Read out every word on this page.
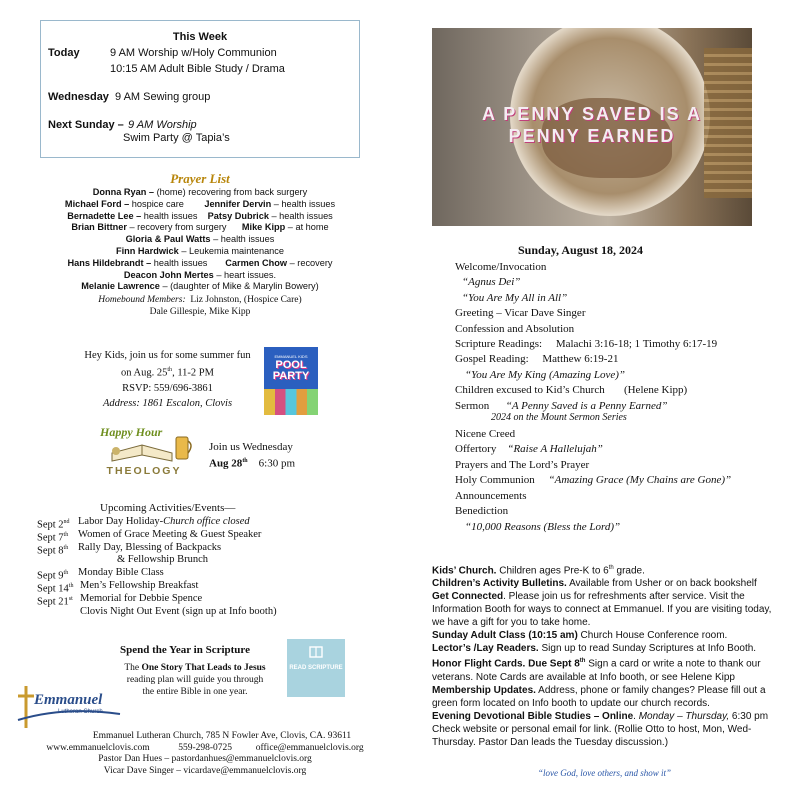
This Week
Today	9 AM Worship w/Holy Communion
10:15 AM Adult Bible Study / Drama
Wednesday 9 AM Sewing group
Next Sunday – 9 AM Worship
Swim Party @ Tapia’s
Prayer List
Donna Ryan – (home) recovering from back surgery
Michael Ford – hospice care Jennifer Dervin – health issues
Bernadette Lee – health issues Patsy Dubrick – health issues
Brian Bittner – recovery from surgery Mike Kipp – at home
Gloria & Paul Watts – health issues
Finn Hardwick – Leukemia maintenance
Hans Hildebrandt – health issues Carmen Chow – recovery
Deacon John Mertes – heart issues.
Melanie Lawrence – (daughter of Mike & Marylin Bowery)
Homebound Members: Liz Johnston, (Hospice Care)
Dale Gillespie, Mike Kipp
Hey Kids, join us for some summer fun
on Aug. 25th, 11-2 PM
RSVP: 559/696-3861
Address: 1861 Escalon, Clovis
EMMANUEL KIDS
POOL PARTY
Happy Hour
THEOLOGY
Join us Wednesday
Aug 28th 6:30 pm
Upcoming Activities/Events—
Sept 2nd Labor Day Holiday-Church office closed
Sept 7th Women of Grace Meeting & Guest Speaker
Sept 8th Rally Day, Blessing of Backpacks
& Fellowship Brunch
Sept 9th Monday Bible Class
Sept 14th Men’s Fellowship Breakfast
Sept 21st Memorial for Debbie Spence
Clovis Night Out Event (sign up at Info booth)
Spend the Year in Scripture
The One Story That Leads to Jesus
reading plan will guide you through
the entire Bible in one year.
READ SCRIPTURE
Emmanuel
Lutheran Church
Emmanuel Lutheran Church, 785 N Fowler Ave, Clovis, CA. 93611
www.emmanuelclovis.com	559-298-0725	office@emmanuelclovis.org
Pastor Dan Hues – pastordanhues@emmanuelclovis.org
Vicar Dave Singer – vicardave@emmanuelclovis.org
A PENNY SAVED IS A
PENNY EARNED
Sunday, August 18, 2024
Welcome/Invocation
“Agnus Dei”
“You Are My All in All”
Greeting – Vicar Dave Singer
Confession and Absolution
Scripture Readings: Malachi 3:16-18; 1 Timothy 6:17-19
Gospel Reading: Matthew 6:19-21
“You Are My King (Amazing Love)”
Children excused to Kid’s Church (Helene Kipp)
Sermon “A Penny Saved is a Penny Earned”
2024 on the Mount Sermon Series
Nicene Creed
Offertory “Raise A Hallelujah”
Prayers and The Lord’s Prayer
Holy Communion “Amazing Grace (My Chains are Gone)”
Announcements
Benediction
“10,000 Reasons (Bless the Lord)”
Kids’ Church. Children ages Pre-K to 6th grade.
Children’s Activity Bulletins. Available from Usher or on back bookshelf
Get Connected. Please join us for refreshments after service. Visit the Information Booth for ways to connect at Emmanuel. If you are visiting today, we have a gift for you to take home.
Sunday Adult Class (10:15 am) Church House Conference room.
Lector’s /Lay Readers. Sign up to read Sunday Scriptures at Info Booth.
Honor Flight Cards. Due Sept 8th Sign a card or write a note to thank our veterans. Note Cards are available at Info booth, or see Helene Kipp
Membership Updates. Address, phone or family changes? Please fill out a green form located on Info booth to update our church records.
Evening Devotional Bible Studies – Online. Monday – Thursday, 6:30 pm Check website or personal email for link. (Rollie Otto to host, Mon, Wed-Thursday. Pastor Dan leads the Tuesday discussion.)
“love God, love others, and show it”
